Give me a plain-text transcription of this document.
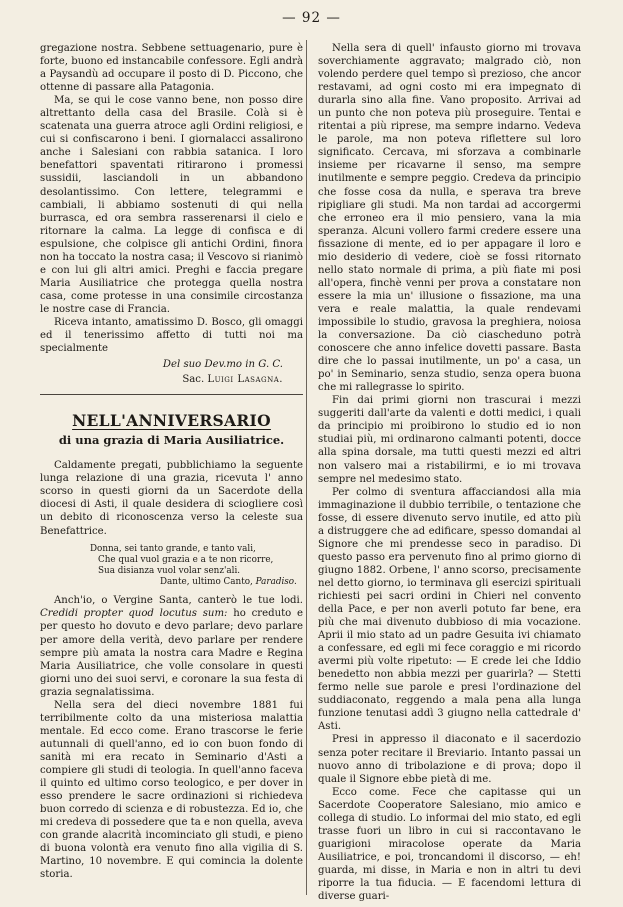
— 92 —

gregazione nostra. Sebbene settuagenario, pure è forte, buono ed instancabile confessore. Egli andrà a Paysandù ad occupare il posto di D. Piccono, che ottenne di passare alla Patagonia.

Ma, se qui le cose vanno bene, non posso dire altrettanto della casa del Brasile. Colà si è scatenata una guerra atroce agli Ordini religiosi, e cui si confiscarono i beni. I giornalacci assalirono anche i Salesiani con rabbia satanica. I loro benefattori spaventati ritirarono i promessi sussidii, lasciandoli in un abbandono desolantissimo. Con lettere, telegrammi e cambiali, li abbiamo sostenuti di qui nella burrasca, ed ora sembra rasserenarsi il cielo e ritornare la calma. La legge di confisca e di espulsione, che colpisce gli antichi Ordini, finora non ha toccato la nostra casa; il Vescovo si rianimò e con lui gli altri amici. Preghi e faccia pregare Maria Ausiliatrice che protegga quella nostra casa, come protesse in una consimile circostanza le nostre case di Francia.

Riceva intanto, amatissimo D. Bosco, gli omaggi ed il tenerissimo affetto di tutti noi ma specialmente

Del suo Dev.mo in G. C.
Sac. Luigi Lasagna.
NELL'ANNIVERSARIO
di una grazia di Maria Ausiliatrice.

Caldamente pregati, pubblichiamo la seguente lunga relazione di una grazia, ricevuta l' anno scorso in questi giorni da un Sacerdote della diocesi di Asti, il quale desidera di sciogliere così un debito di riconoscenza verso la celeste sua Benefattrice.

Donna, sei tanto grande, e tanto vali,
Che qual vuol grazia e a te non ricorre,
Sua disianza vuol volar senz'ali.
Dante, ultimo Canto, Paradiso.

Anch'io, o Vergine Santa, canterò le tue lodi. Credidi propter quod locutus sum: ho creduto e per questo ho dovuto e devo parlare; devo parlare per amore della verità, devo parlare per rendere sempre più amata la nostra cara Madre e Regina Maria Ausiliatrice, che volle consolare in questi giorni uno dei suoi servi, e coronare la sua festa di grazia segnalatissima.

Nella sera del dieci novembre 1881 fui terribilmente colto da una misteriosa malattia mentale. Ed ecco come. Erano trascorse le ferie autunnali di quell'anno, ed io con buon fondo di sanità mi era recato in Seminario d'Asti a compiere gli studi di teologia. In quell'anno faceva il quinto ed ultimo corso teologico, e per dover in esso prendere le sacre ordinazioni si richiedeva buon corredo di scienza e di robustezza. Ed io, che mi credeva di possedere que ta e non quella, aveva con grande alacrità incominciato gli studi, e pieno di buona volontà era venuto fino alla vigilia di S. Martino, 10 novembre. E qui comincia la dolente storia.

Nella sera di quell' infausto giorno mi trovava soverchiamente aggravato; malgrado ciò, non volendo perdere quel tempo sì prezioso, che ancor restavami, ad ogni costo mi era impegnato di durarla sino alla fine. Vano proposito. Arrivai ad un punto che non poteva più proseguire. Tentai e ritentai a più riprese, ma sempre indarno. Vedeva le parole, ma non poteva riflettere sul loro significato. Cercava, mi sforzava a combinarle insieme per ricavarne il senso, ma sempre inutilmente e sempre peggio. Credeva da principio che fosse cosa da nulla, e sperava tra breve ripigliare gli studi. Ma non tardai ad accorgermi che erroneo era il mio pensiero, vana la mia speranza. Alcuni vollero farmi credere essere una fissazione di mente, ed io per appagare il loro e mio desiderio di vedere, cioè se fossi ritornato nello stato normale di prima, a più fiate mi posi all'opera, finchè venni per prova a constatare non essere la mia un' illusione o fissazione, ma una vera e reale malattia, la quale rendevami impossibile lo studio, gravosa la preghiera, noiosa la conversazione. Da ciò ciascheduno potrà conoscere che anno infelice dovetti passare. Basta dire che lo passai inutilmente, un po' a casa, un po' in Seminario, senza studio, senza opera buona che mi rallegrasse lo spirito.

Fin dai primi giorni non trascurai i mezzi suggeriti dall'arte da valenti e dotti medici, i quali da principio mi proibirono lo studio ed io non studiai più, mi ordinarono calmanti potenti, docce alla spina dorsale, ma tutti questi mezzi ed altri non valsero mai a ristabilirmi, e io mi trovava sempre nel medesimo stato.

Per colmo di sventura affacciandosi alla mia immaginazione il dubbio terribile, o tentazione che fosse, di essere divenuto servo inutile, ed atto più a distruggere che ad edificare, spesso domandai al Signore che mi prendesse seco in paradiso. Di questo passo era pervenuto fino al primo giorno di giugno 1882. Orbene, l' anno scorso, precisamente nel detto giorno, io terminava gli esercizi spirituali richiesti pei sacri ordini in Chieri nel convento della Pace, e per non averli potuto far bene, era più che mai divenuto dubbioso di mia vocazione. Aprii il mio stato ad un padre Gesuita ivi chiamato a confessare, ed egli mi fece coraggio e mi ricordo avermi più volte ripetuto: — E crede lei che Iddio benedetto non abbia mezzi per guarirla? — Stetti fermo nelle sue parole e presi l'ordinazione del suddiaconato, reggendo a mala pena alla lunga funzione tenutasi addì 3 giugno nella cattedrale d' Asti.

Presi in appresso il diaconato e il sacerdozio senza poter recitare il Breviario. Intanto passai un nuovo anno di tribolazione e di prova; dopo il quale il Signore ebbe pietà di me.

Ecco come. Fece che capitasse qui un Sacerdote Cooperatore Salesiano, mio amico e collega di studio. Lo informai del mio stato, ed egli trasse fuori un libro in cui si raccontavano le guarigioni miracolose operate da Maria Ausiliatrice, e poi, troncandomi il discorso, — eh! guarda, mi disse, in Maria e non in altri tu devi riporre la tua fiducia. — E facendomi lettura di diverse guari-
